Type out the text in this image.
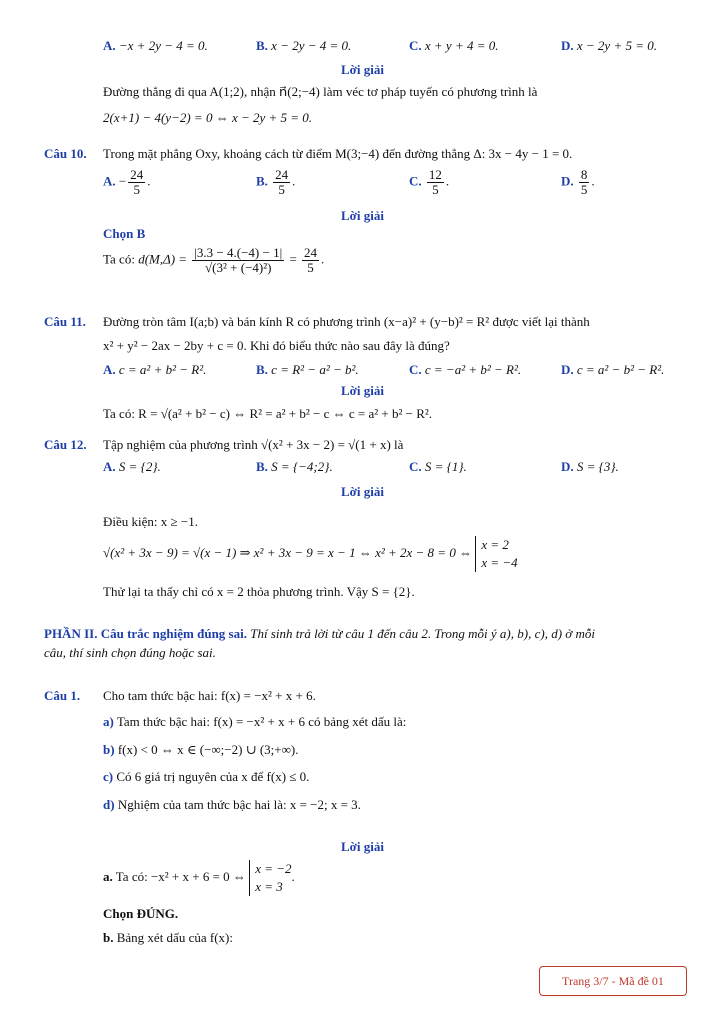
A. −x + 2y − 4 = 0.	B. x − 2y − 4 = 0.	C. x + y + 4 = 0.	D. x − 2y + 5 = 0.
Lời giải
Đường thẳng đi qua A(1;2), nhận n⃗(2;−4) làm véc tơ pháp tuyến có phương trình là
2(x+1) − 4(y−2) = 0 ⇔ x − 2y + 5 = 0.
Câu 10. Trong mặt phẳng Oxy, khoảng cách từ điểm M(3;−4) đến đường thẳng Δ: 3x − 4y − 1 = 0.
A. − $\frac{24}{5}$ .	B. $\frac{24}{5}$ .	C. $\frac{12}{5}$ .	D. $\frac{8}{5}$ .
Lời giải
Chọn B
Ta có: $d(M,\Delta) = \frac{|3.3 - 4.(-4) - 1|}{\text{√(3² + (−4)²)}} = \frac{24}{5}$ .
Câu 11. Đường tròn tâm I(a;b) và bán kính R có phương trình (x−a)² + (y−b)² = R² được viết lại thành
x² + y² − 2ax − 2by + c = 0. Khi đó biểu thức nào sau đây là đúng?
A. c = a² + b² − R².	B. c = R² − a² − b².	C. c = −a² + b² − R².	D. c = a² − b² − R².
Lời giải
Ta có: R = √(a² + b² − c) ⇔ R² = a² + b² − c ⇔ c = a² + b² − R².
Câu 12. Tập nghiệm của phương trình √(x² + 3x − 2) = √(1 + x) là
A. S = {2}.	B. S = {−4;2}.	C. S = {1}.	D. S = {3}.
Lời giải
Điều kiện: x ≥ −1.
√(x² + 3x − 9) = √(x − 1) ⇒ x² + 3x − 9 = x − 1 ⇔ x² + 2x − 8 = 0 ⇔
x = 2
x = −4
Thử lại ta thấy chỉ có x = 2 thỏa phương trình. Vậy S = {2}.
PHẦN II. Câu trắc nghiệm đúng sai. Thí sinh trả lời từ câu 1 đến câu 2. Trong mỗi ý a), b), c), d) ở mỗi
câu, thí sinh chọn đúng hoặc sai.
Câu 1. Cho tam thức bậc hai: f(x) = −x² + x + 6.
a) Tam thức bậc hai: f(x) = −x² + x + 6 có bảng xét dấu là:
b) f(x) < 0 ⇔ x ∈ (−∞;−2) ∪ (3;+∞).
c) Có 6 giá trị nguyên của x để f(x) ≤ 0.
d) Nghiệm của tam thức bậc hai là: x = −2; x = 3.
Lời giải
a. Ta có: −x² + x + 6 = 0 ⇔
x = −2
x = 3
.
Chọn ĐÚNG.
b. Bảng xét dấu của f(x):
Trang 3/7 - Mã đề 01
